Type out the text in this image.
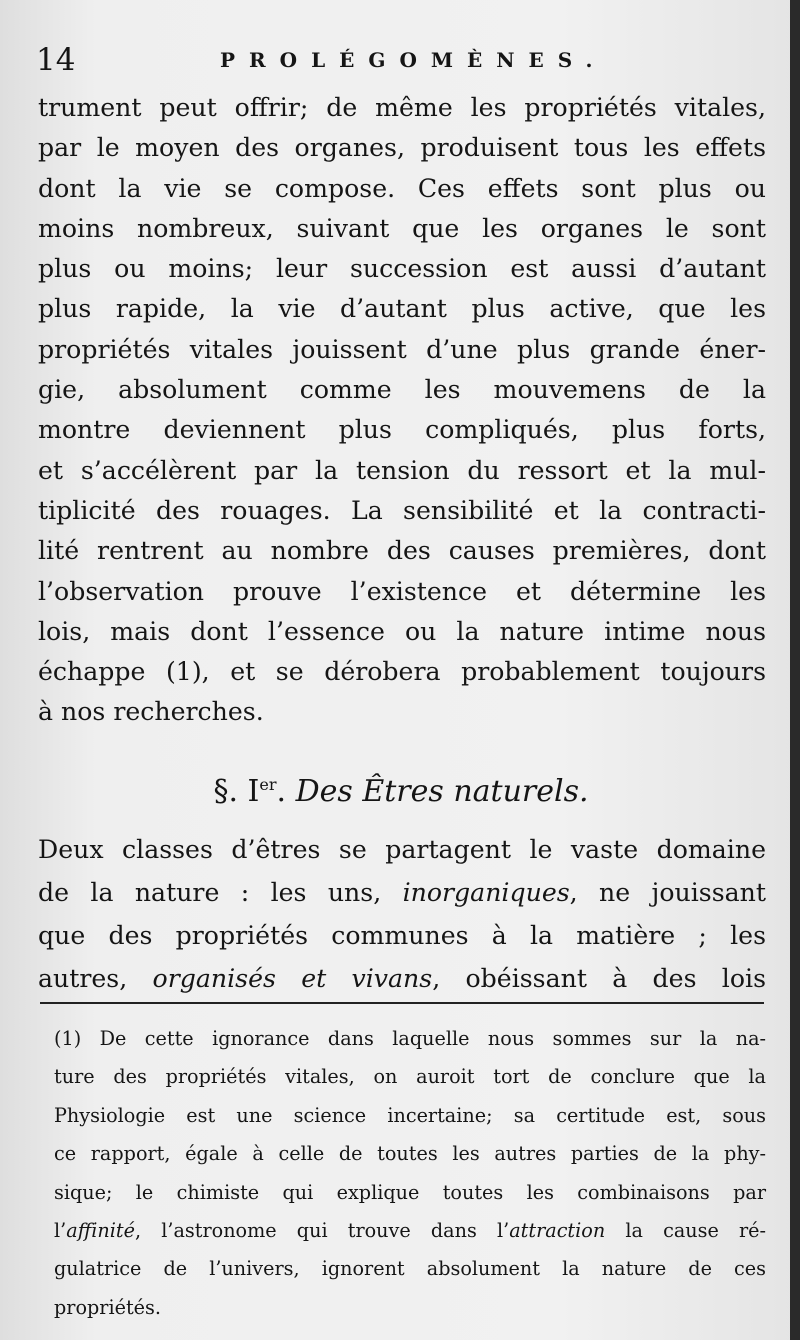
14	PROLÉGOMÈNES.
trument peut offrir; de même les propriétés vitales,
par le moyen des organes, produisent tous les effets
dont la vie se compose. Ces effets sont plus ou
moins nombreux, suivant que les organes le sont
plus ou moins; leur succession est aussi d’autant
plus rapide, la vie d’autant plus active, que les
propriétés vitales jouissent d’une plus grande éner-
gie, absolument comme les mouvemens de la
montre deviennent plus compliqués, plus forts,
et s’accélèrent par la tension du ressort et la mul-
tiplicité des rouages. La sensibilité et la contracti-
lité rentrent au nombre des causes premières, dont
l’observation prouve l’existence et détermine les
lois, mais dont l’essence ou la nature intime nous
échappe (1), et se dérobera probablement toujours
à nos recherches.
§. Ier. Des Êtres naturels.
Deux classes d’êtres se partagent le vaste domaine
de la nature : les uns, inorganiques, ne jouissant
que des propriétés communes à la matière ; les
autres, organisés et vivans, obéissant à des lois
(1) De cette ignorance dans laquelle nous sommes sur la na-
ture des propriétés vitales, on auroit tort de conclure que la
Physiologie est une science incertaine; sa certitude est, sous
ce rapport, égale à celle de toutes les autres parties de la phy-
sique; le chimiste qui explique toutes les combinaisons par
l’affinité, l’astronome qui trouve dans l’attraction la cause ré-
gulatrice de l’univers, ignorent absolument la nature de ces
propriétés.
